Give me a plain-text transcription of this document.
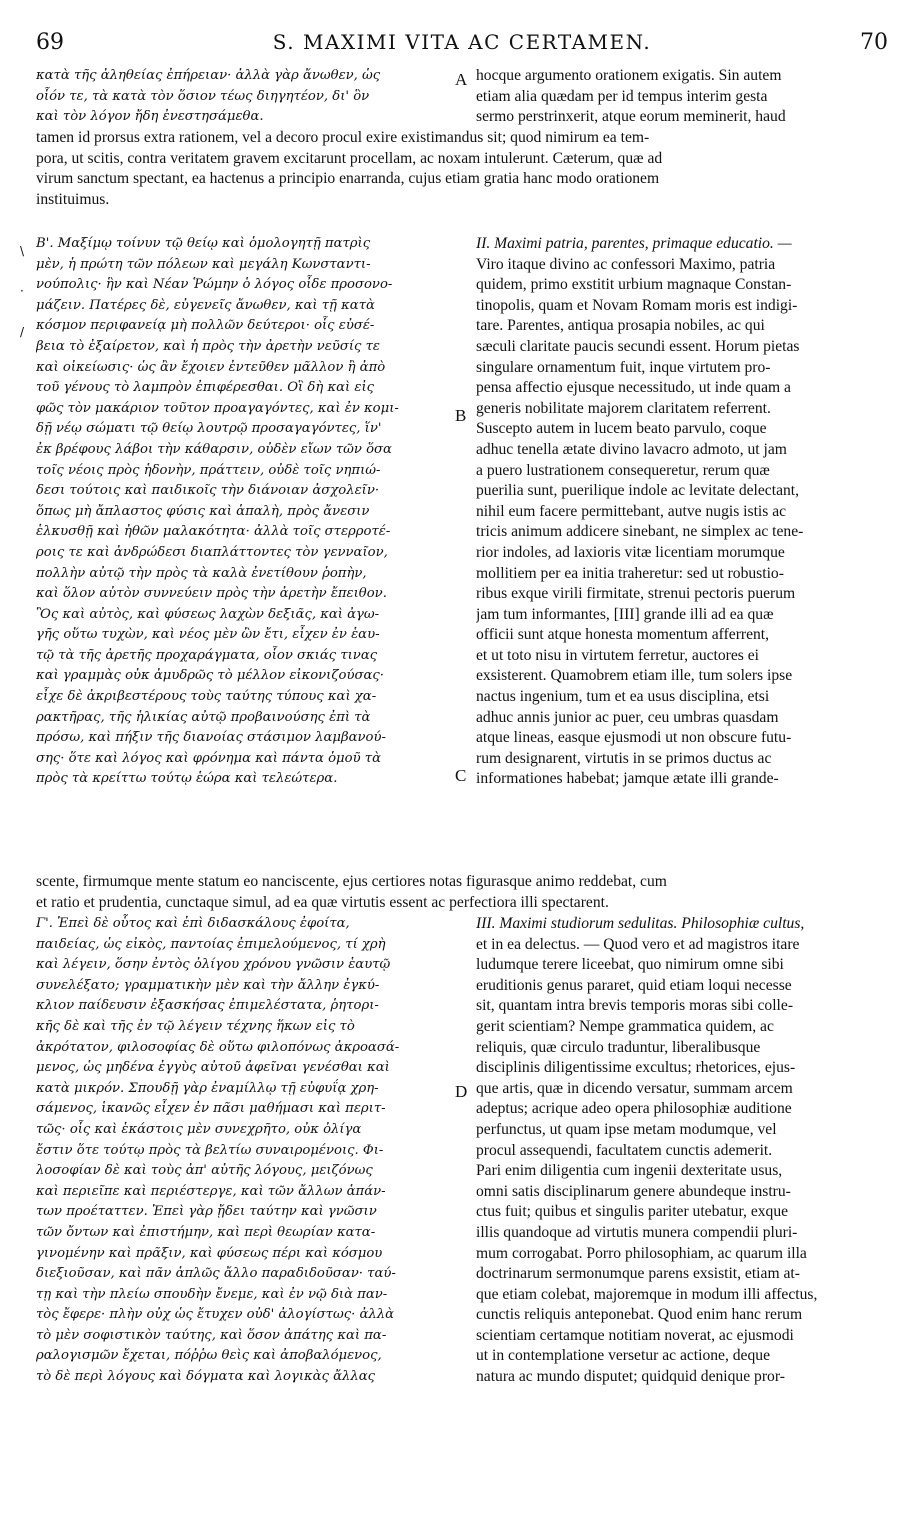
69	S. MAXIMI VITA AC CERTAMEN.	70
κατὰ τῆς ἀληθείας ἐπήρειαν· ἀλλὰ γὰρ ἄνωθεν, ὡς
οἷόν τε, τὰ κατὰ τὸν ὅσιον τέως διηγητέον, δι' ὃν
καὶ τὸν λόγον ἤδη ἐνεστησάμεθα.
A hocque argumento orationem exigatis. Sin autem
etiam alia quædam per id tempus interim gesta
sermo perstrinxerit, atque eorum meminerit, haud
tamen id prorsus extra rationem, vel a decoro procul exire existimandus sit; quod nimirum ea tem-
pora, ut scitis, contra veritatem gravem excitarunt procellam, ac noxam intulerunt. Cæterum, quæ ad
virum sanctum spectant, ea hactenus a principio enarranda, cujus etiam gratia hanc modo orationem
instituimus.
\
·
/
Β'. Μαξίμῳ τοίνυν τῷ θείῳ καὶ ὁμολογητῇ πατρὶς
μὲν, ἡ πρώτη τῶν πόλεων καὶ μεγάλη Κωνσταντι-
νούπολις· ἣν καὶ Νέαν Ῥώμην ὁ λόγος οἶδε προσονο-
μάζειν. Πατέρες δὲ, εὐγενεῖς ἄνωθεν, καὶ τῇ κατὰ
κόσμον περιφανείᾳ μὴ πολλῶν δεύτεροι· οἷς εὐσέ-
βεια τὸ ἐξαίρετον, καὶ ἡ πρὸς τὴν ἀρετὴν νεῦσίς τε
καὶ οἰκείωσις· ὡς ἂν ἔχοιεν ἐντεῦθεν μᾶλλον ἢ ἀπὸ
τοῦ γένους τὸ λαμπρὸν ἐπιφέρεσθαι. Οἳ δὴ καὶ εἰς
φῶς τὸν μακάριον τοῦτον προαγαγόντες, καὶ ἐν κομι-
δῇ νέῳ σώματι τῷ θείῳ λουτρῷ προσαγαγόντες, ἵν'
ἐκ βρέφους λάβοι τὴν κάθαρσιν, οὐδὲν εἴων τῶν ὅσα
τοῖς νέοις πρὸς ἡδονὴν, πράττειν, οὐδὲ τοῖς νηπιώ-
δεσι τούτοις καὶ παιδικοῖς τὴν διάνοιαν ἀσχολεῖν·
ὅπως μὴ ἄπλαστος φύσις καὶ ἁπαλὴ, πρὸς ἄνεσιν
ἑλκυσθῇ καὶ ἠθῶν μαλακότητα· ἀλλὰ τοῖς στερροτέ-
ροις τε καὶ ἀνδρώδεσι διαπλάττοντες τὸν γενναῖον,
πολλὴν αὐτῷ τὴν πρὸς τὰ καλὰ ἐνετίθουν ῥοπὴν,
καὶ ὅλον αὐτὸν συννεύειν πρὸς τὴν ἀρετὴν ἔπειθον.
Ὃς καὶ αὐτὸς, καὶ φύσεως λαχὼν δεξιᾶς, καὶ ἀγω-
γῆς οὕτω τυχὼν, καὶ νέος μὲν ὢν ἔτι, εἶχεν ἐν ἑαυ-
τῷ τὰ τῆς ἀρετῆς προχαράγματα, οἷον σκιάς τινας
καὶ γραμμὰς οὐκ ἀμυδρῶς τὸ μέλλον εἰκονιζούσας·
εἶχε δὲ ἀκριβεστέρους τοὺς ταύτης τύπους καὶ χα-
ρακτῆρας, τῆς ἡλικίας αὐτῷ προβαινούσης ἐπὶ τὰ
πρόσω, καὶ πήξιν τῆς διανοίας στάσιμον λαμβανού-
σης· ὅτε καὶ λόγος καὶ φρόνημα καὶ πάντα ὁμοῦ τὰ
πρὸς τὰ κρείττω τούτῳ ἑώρα καὶ τελεώτερα.
B
C
II. Maximi patria, parentes, primaque educatio. —
Viro itaque divino ac confessori Maximo, patria
quidem, primo exstitit urbium magnaque Constan-
tinopolis, quam et Novam Romam moris est indigi-
tare. Parentes, antiqua prosapia nobiles, ac qui
sæculi claritate paucis secundi essent. Horum pietas
singulare ornamentum fuit, inque virtutem pro-
pensa affectio ejusque necessitudo, ut inde quam a
generis nobilitate majorem claritatem referrent.
Suscepto autem in lucem beato parvulo, coque
adhuc tenella ætate divino lavacro admoto, ut jam
a puero lustrationem consequeretur, rerum quæ
puerilia sunt, puerilique indole ac levitate delectant,
nihil eum facere permittebant, autve nugis istis ac
tricis animum addicere sinebant, ne simplex ac tene-
rior indoles, ad laxioris vitæ licentiam morumque
mollitiem per ea initia traheretur: sed ut robustio-
ribus exque virili firmitate, strenui pectoris puerum
jam tum informantes, [III] grande illi ad ea quæ
officii sunt atque honesta momentum afferrent,
et ut toto nisu in virtutem ferretur, auctores ei
exsisterent. Quamobrem etiam ille, tum solers ipse
nactus ingenium, tum et ea usus disciplina, etsi
adhuc annis junior ac puer, ceu umbras quasdam
atque lineas, easque ejusmodi ut non obscure futu-
rum designarent, virtutis in se primos ductus ac
informationes habebat; jamque ætate illi grande-
scente, firmumque mente statum eo nanciscente, ejus certiores notas figurasque animo reddebat, cum
et ratio et prudentia, cunctaque simul, ad ea quæ virtutis essent ac perfectiora illi spectarent.
Γ'. Ἐπεὶ δὲ οὗτος καὶ ἐπὶ διδασκάλους ἐφοίτα,
παιδείας, ὡς εἰκὸς, παντοίας ἐπιμελούμενος, τί χρὴ
καὶ λέγειν, ὅσην ἐντὸς ὀλίγου χρόνου γνῶσιν ἑαυτῷ
συνελέξατο; γραμματικὴν μὲν καὶ τὴν ἄλλην ἐγκύ-
κλιον παίδευσιν ἐξασκήσας ἐπιμελέστατα, ῥητορι-
κῆς δὲ καὶ τῆς ἐν τῷ λέγειν τέχνης ἥκων εἰς τὸ
ἀκρότατον, φιλοσοφίας δὲ οὕτω φιλοπόνως ἀκροασά-
μενος, ὡς μηδένα ἐγγὺς αὐτοῦ ἀφεῖναι γενέσθαι καὶ
κατὰ μικρόν. Σπουδῇ γὰρ ἐναμίλλῳ τῇ εὐφυΐᾳ χρη-
σάμενος, ἱκανῶς εἶχεν ἐν πᾶσι μαθήμασι καὶ περιτ-
τῶς· οἷς καὶ ἑκάστοις μὲν συνεχρῆτο, οὐκ ὀλίγα
ἔστιν ὅτε τούτῳ πρὸς τὰ βελτίω συναιρομένοις. Φι-
λοσοφίαν δὲ καὶ τοὺς ἀπ' αὐτῆς λόγους, μειζόνως
καὶ περιεῖπε καὶ περιέστεργε, καὶ τῶν ἄλλων ἁπάν-
των προέταττεν. Ἐπεὶ γὰρ ᾔδει ταύτην καὶ γνῶσιν
τῶν ὄντων καὶ ἐπιστήμην, καὶ περὶ θεωρίαν κατα-
γινομένην καὶ πρᾶξιν, καὶ φύσεως πέρι καὶ κόσμου
διεξιοῦσαν, καὶ πᾶν ἁπλῶς ἄλλο παραδιδοῦσαν· ταύ-
τῃ καὶ τὴν πλείω σπουδὴν ἔνεμε, καὶ ἐν νῷ διὰ παν-
τὸς ἔφερε· πλὴν οὐχ ὡς ἔτυχεν οὐδ' ἀλογίστως· ἀλλὰ
τὸ μὲν σοφιστικὸν ταύτης, καὶ ὅσον ἀπάτης καὶ πα-
ραλογισμῶν ἔχεται, πόῤῥω θεὶς καὶ ἀποβαλόμενος,
τὸ δὲ περὶ λόγους καὶ δόγματα καὶ λογικὰς ἄλλας
D
III. Maximi studiorum sedulitas. Philosophiæ cultus,
et in ea delectus. — Quod vero et ad magistros itare
ludumque terere liceebat, quo nimirum omne sibi
eruditionis genus pararet, quid etiam loqui necesse
sit, quantam intra brevis temporis moras sibi colle-
gerit scientiam? Nempe grammatica quidem, ac
reliquis, quæ circulo traduntur, liberalibusque
disciplinis diligentissime excultus; rhetorices, ejus-
que artis, quæ in dicendo versatur, summam arcem
adeptus; acrique adeo opera philosophiæ auditione
perfunctus, ut quam ipse metam modumque, vel
procul assequendi, facultatem cunctis ademerit.
Pari enim diligentia cum ingenii dexteritate usus,
omni satis disciplinarum genere abundeque instru-
ctus fuit; quibus et singulis pariter utebatur, exque
illis quandoque ad virtutis munera compendii pluri-
mum corrogabat. Porro philosophiam, ac quarum illa
doctrinarum sermonumque parens exsistit, etiam at-
que etiam colebat, majoremque in modum illi affectus,
cunctis reliquis anteponebat. Quod enim hanc rerum
scientiam certamque notitiam noverat, ac ejusmodi
ut in contemplatione versetur ac actione, deque
natura ac mundo disputet; quidquid denique pror-
